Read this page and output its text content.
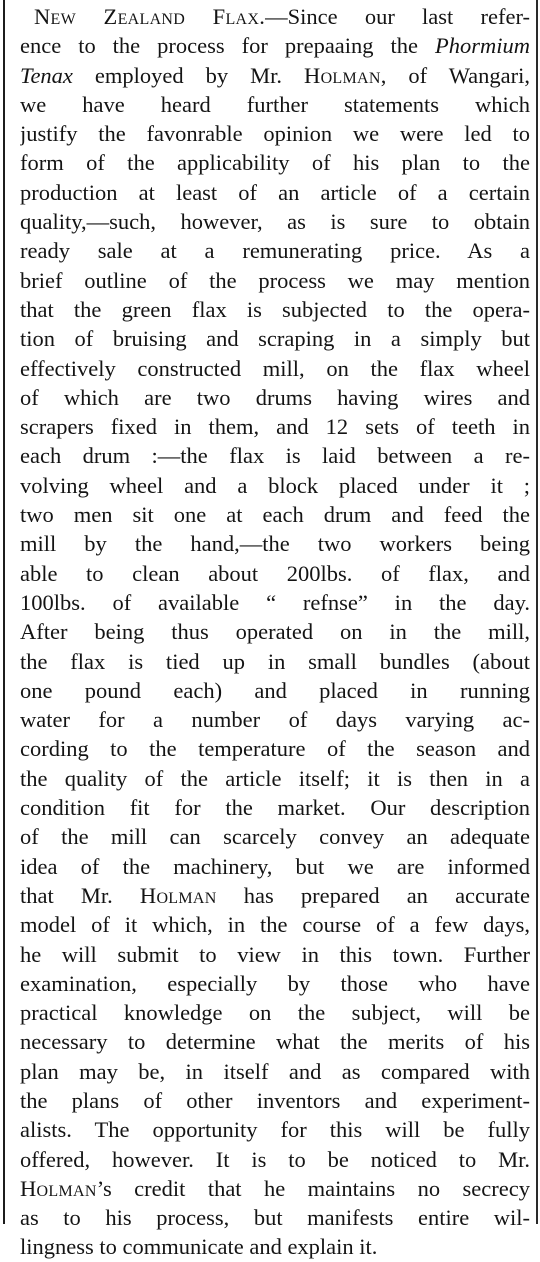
New Zealand Flax.—Since our last refer-
ence to the process for prepaaing the Phormium
Tenax employed by Mr. Holman, of Wangari,
we have heard further statements which
justify the favonrable opinion we were led to
form of the applicability of his plan to the
production at least of an article of a certain
quality,—such, however, as is sure to obtain
ready sale at a remunerating price. As a
brief outline of the process we may mention
that the green flax is subjected to the opera-
tion of bruising and scraping in a simply but
effectively constructed mill, on the flax wheel
of which are two drums having wires and
scrapers fixed in them, and 12 sets of teeth in
each drum :—the flax is laid between a re-
volving wheel and a block placed under it ;
two men sit one at each drum and feed the
mill by the hand,—the two workers being
able to clean about 200lbs. of flax, and
100lbs. of available “ refnse” in the day.
After being thus operated on in the mill,
the flax is tied up in small bundles (about
one pound each) and placed in running
water for a number of days varying ac-
cording to the temperature of the season and
the quality of the article itself; it is then in a
condition fit for the market. Our description
of the mill can scarcely convey an adequate
idea of the machinery, but we are informed
that Mr. Holman has prepared an accurate
model of it which, in the course of a few days,
he will submit to view in this town. Further
examination, especially by those who have
practical knowledge on the subject, will be
necessary to determine what the merits of his
plan may be, in itself and as compared with
the plans of other inventors and experiment-
alists. The opportunity for this will be fully
offered, however. It is to be noticed to Mr.
Holman’s credit that he maintains no secrecy
as to his process, but manifests entire wil-
lingness to communicate and explain it.
